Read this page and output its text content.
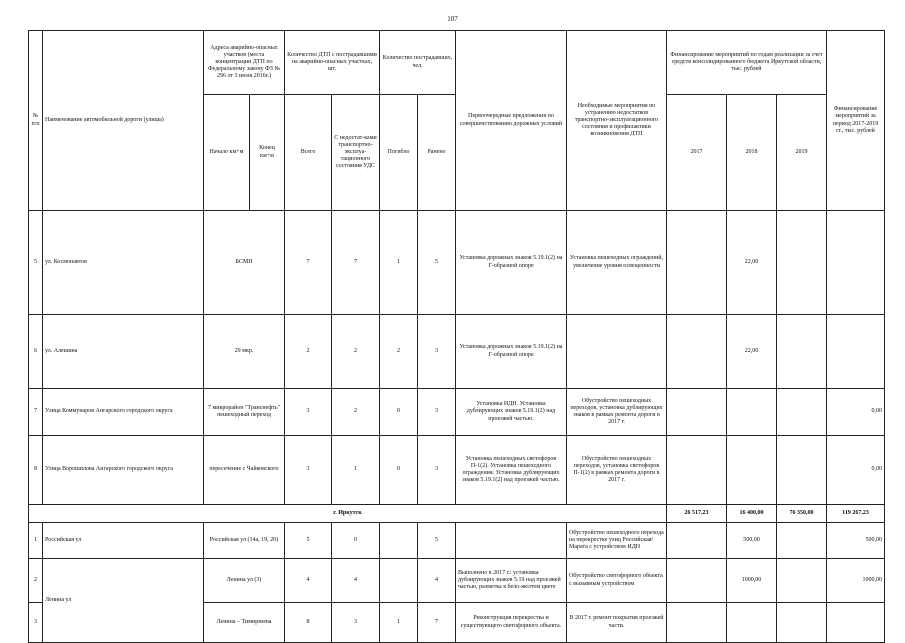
107
№ п/п	Наименование автомобильной дороги (улицы)	Адреса аварийно-опасных участков (места концентрации ДТП по Федеральному закону ФЗ № 296 от 3 июля 2016г.)		Количество ДТП с пострадавшими на аварийно-опасных участках, шт.		Количество пострадавших, чел.		Первоочередные предложения по совершенствованию дорожных условий	Необходимые мероприятия по устранению недостатков транспортно-эксплуатационного состояния и профилактики возникновения ДТП	Финансирование мероприятий по годам реализации за счет средств консолидированного бюджета Иркутской области, тыс. рублей			Финансирование мероприятий за период 2017-2019 гг., тыс. рублей
		Начало км+м	Конец км+м	Всего	С недостат-ками транспортно-эксплуа-тационного состояния УДС	Погибло	Ранено			2017	2018	2019	
5	ул. Космонавтов	БСМП		7	7	1	5	Установка дорожных знаков 5.19.1(2) на Г-образной опоре	Установка пешеходных ограждений, увеличение уровня освещенности		22,00		
6	ул. Алешина	29 мкр.		2	2	2	3	Установка дорожных знаков 5.19.1(2) на Г-образной опоре			22,00		
7	Улица Коммунаров Ангарского городского округа	7 микрорайон "Транснефть" пешеходный переход		3	2	0	3	Установка ИДН. Установка дублирующих знаков 5.19.1(2) над проезжей частью.	Обустройство пешеходных переходов, установка дублирующих знаков в рамках ремонта дороги в 2017 г.				0,00
8	Улица Ворошилова Ангарского городского округа	пересечение с Чайковского		3	1	0	3	Установка пешеходных светофоров П-1(2). Установка пешеходного ограждения. Установка дублирующих знаков 5.19.1(2) над проезжей частью.	Обустройство пешеходных переходов, установка светофоров П-1(2) в рамках ремонта дороги в 2017 г.				0,00
г. Иркутск										26 517,23	16 400,00	76 350,00	119 267,23
1	Российская ул	Российская ул (14а, 19, 20)		5	0		5		Обустройство пешеходного перехода на перекрестке улиц Российская/Марата с устройством ИДН		500,00		500,00
2	Ленина ул	Ленина ул (3)		4	4		4	Выполнено в 2017 г.: установка дублирующих знаков 5.19 над проезжей частью, разметка в бело-желтом цвете	Обустройство светофорного объекта с вызывным устройством		1000,00		1000,00
3		Ленина – Тимирязева		8	3	1	7	Реконструкция перекрестка и существующего светофорного объекта.	В 2017 г. ремонт покрытия проезжей части.				
